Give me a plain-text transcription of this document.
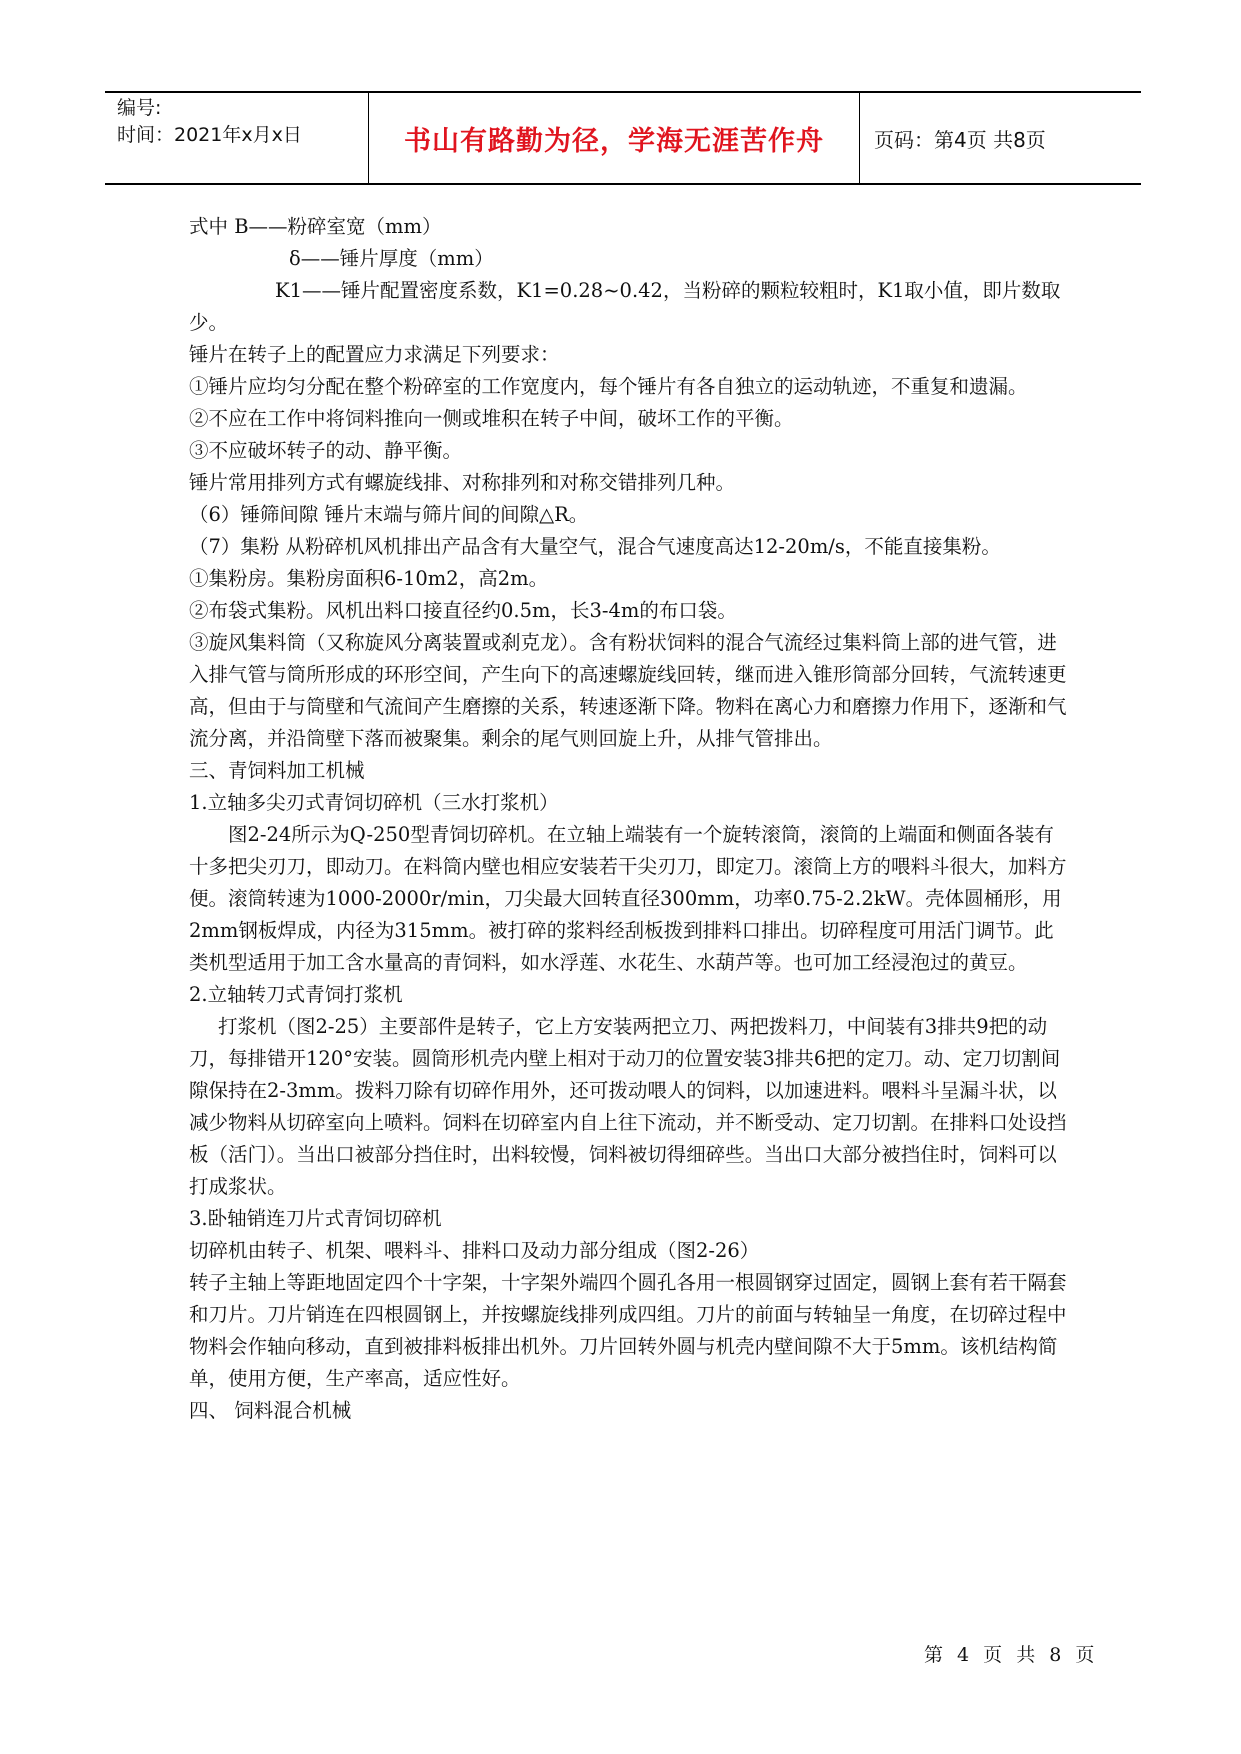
编号:
时间：2021年x月x日	书山有路勤为径，学海无涯苦作舟	页码：第4页 共8页

式中 B——粉碎室宽（mm）

δ——锤片厚度（mm）

K1——锤片配置密度系数，K1=0.28~0.42，当粉碎的颗粒较粗时，K1取小值，即片数取少。

锤片在转子上的配置应力求满足下列要求：

①锤片应均匀分配在整个粉碎室的工作宽度内，每个锤片有各自独立的运动轨迹，不重复和遗漏。

②不应在工作中将饲料推向一侧或堆积在转子中间，破坏工作的平衡。

③不应破坏转子的动、静平衡。

锤片常用排列方式有螺旋线排、对称排列和对称交错排列几种。

（6）锤筛间隙 锤片末端与筛片间的间隙△R。

（7）集粉 从粉碎机风机排出产品含有大量空气，混合气速度高达12-20m/s，不能直接集粉。

①集粉房。集粉房面积6-10m2，高2m。

②布袋式集粉。风机出料口接直径约0.5m，长3-4m的布口袋。

③旋风集料筒（又称旋风分离装置或刹克龙）。含有粉状饲料的混合气流经过集料筒上部的进气管，进入排气管与筒所形成的环形空间，产生向下的高速螺旋线回转，继而进入锥形筒部分回转，气流转速更高，但由于与筒壁和气流间产生磨擦的关系，转速逐渐下降。物料在离心力和磨擦力作用下，逐渐和气流分离，并沿筒壁下落而被聚集。剩余的尾气则回旋上升，从排气管排出。

三、青饲料加工机械

1.立轴多尖刃式青饲切碎机（三水打浆机）

图2-24所示为Q-250型青饲切碎机。在立轴上端装有一个旋转滚筒，滚筒的上端面和侧面各装有十多把尖刃刀，即动刀。在料筒内壁也相应安装若干尖刃刀，即定刀。滚筒上方的喂料斗很大，加料方便。滚筒转速为1000-2000r/min，刀尖最大回转直径300mm，功率0.75-2.2kW。壳体圆桶形，用2mm钢板焊成，内径为315mm。被打碎的浆料经刮板拨到排料口排出。切碎程度可用活门调节。此类机型适用于加工含水量高的青饲料，如水浮莲、水花生、水葫芦等。也可加工经浸泡过的黄豆。

2.立轴转刀式青饲打浆机

打浆机（图2-25）主要部件是转子，它上方安装两把立刀、两把拨料刀，中间装有3排共9把的动刀，每排错开120°安装。圆筒形机壳内壁上相对于动刀的位置安装3排共6把的定刀。动、定刀切割间隙保持在2-3mm。拨料刀除有切碎作用外，还可拨动喂人的饲料，以加速进料。喂料斗呈漏斗状，以减少物料从切碎室向上喷料。饲料在切碎室内自上往下流动，并不断受动、定刀切割。在排料口处设挡板（活门）。当出口被部分挡住时，出料较慢，饲料被切得细碎些。当出口大部分被挡住时，饲料可以打成浆状。

3.卧轴销连刀片式青饲切碎机

切碎机由转子、机架、喂料斗、排料口及动力部分组成（图2-26）

转子主轴上等距地固定四个十字架，十字架外端四个圆孔各用一根圆钢穿过固定，圆钢上套有若干隔套和刀片。刀片销连在四根圆钢上，并按螺旋线排列成四组。刀片的前面与转轴呈一角度，在切碎过程中物料会作轴向移动，直到被排料板排出机外。刀片回转外圆与机壳内壁间隙不大于5mm。该机结构简单，使用方便，生产率高，适应性好。

四、 饲料混合机械

第 4 页 共 8 页
